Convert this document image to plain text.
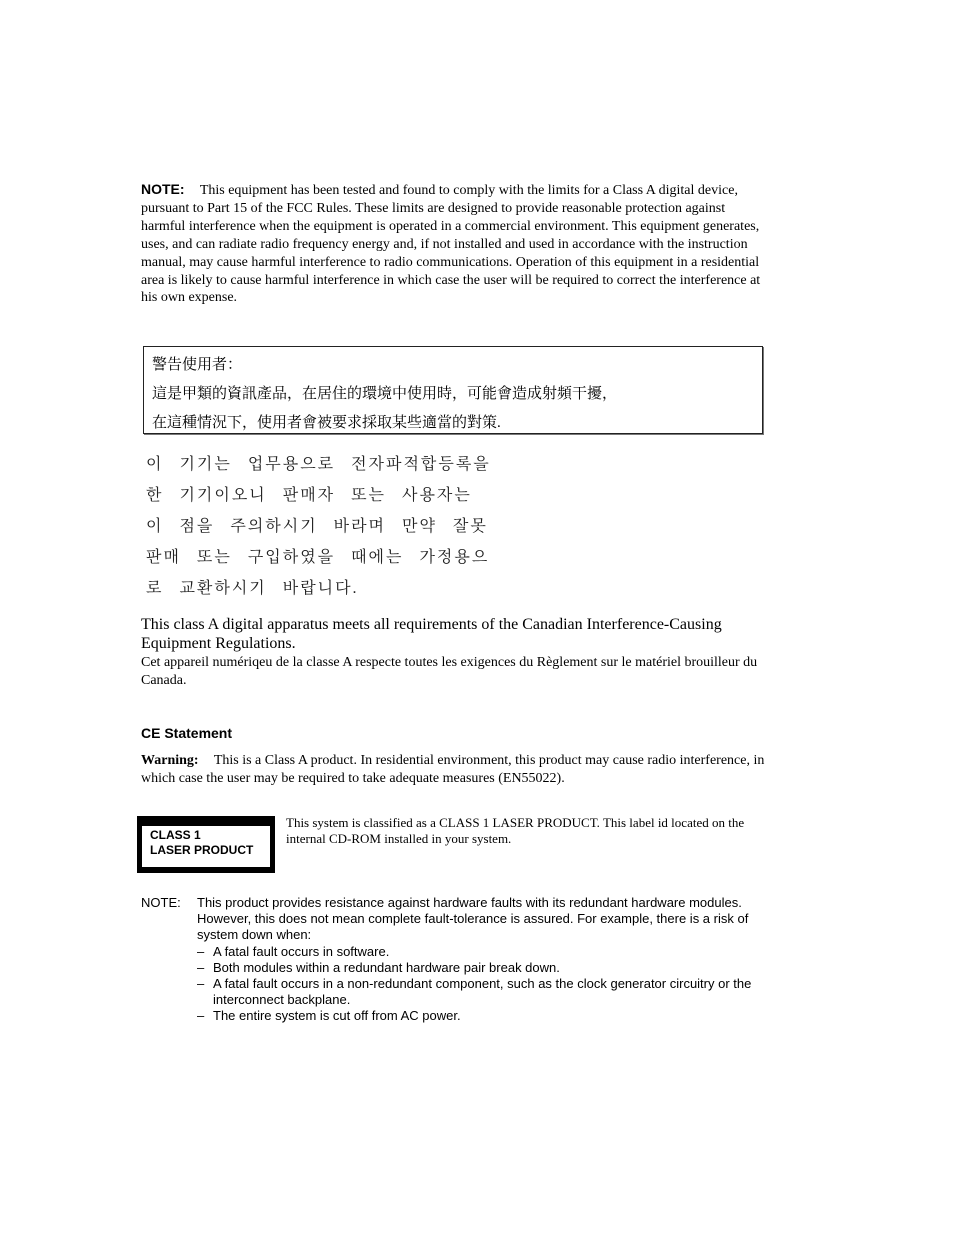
NOTE: This equipment has been tested and found to comply with the limits for a Class A digital device, pursuant to Part 15 of the FCC Rules. These limits are designed to provide reasonable protection against harmful interference when the equipment is operated in a commercial environment. This equipment generates, uses, and can radiate radio frequency energy and, if not installed and used in accordance with the instruction manual, may cause harmful interference to radio communications. Operation of this equipment in a residential area is likely to cause harmful interference in which case the user will be required to correct the interference at his own expense.
警告使用者：
這是甲類的資訊產品，在居住的環境中使用時，可能會造成射頻干擾，
在這種情況下，使用者會被要求採取某些適當的對策.
이 기기는 업무용으로 전자파적합등록을
한 기기이오니 판매자 또는 사용자는
이 점을 주의하시기 바라며 만약 잘못
판매 또는 구입하였을 때에는 가정용으
로 교환하시기 바랍니다.
This class A digital apparatus meets all requirements of the Canadian Interference-Causing Equipment Regulations.
Cet appareil numériqeu de la classe A respecte toutes les exigences du Règlement sur le matériel brouilleur du Canada.
CE Statement
Warning: This is a Class A product. In residential environment, this product may cause radio interference, in which case the user may be required to take adequate measures (EN55022).
CLASS 1
LASER PRODUCT
This system is classified as a CLASS 1 LASER PRODUCT. This label id located on the internal CD-ROM installed in your system.
NOTE:	This product provides resistance against hardware faults with its redundant hardware modules. However, this does not mean complete fault-tolerance is assured. For example, there is a risk of system down when:
– A fatal fault occurs in software.
– Both modules within a redundant hardware pair break down.
– A fatal fault occurs in a non-redundant component, such as the clock generator circuitry or the interconnect backplane.
– The entire system is cut off from AC power.
